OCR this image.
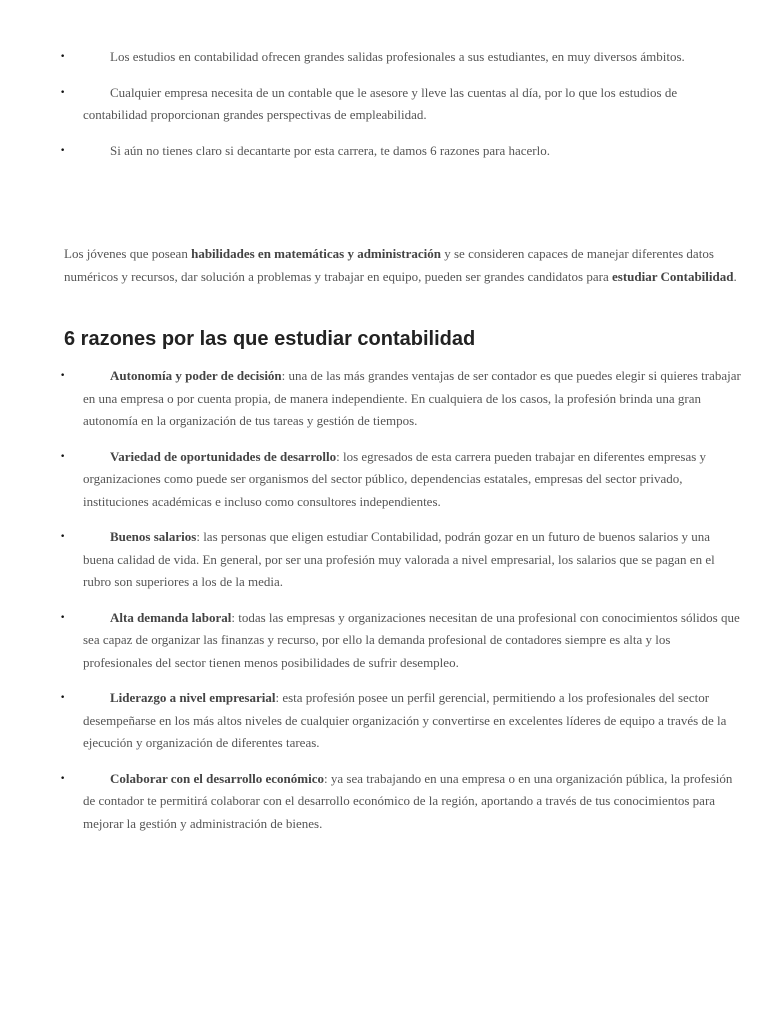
•	Los estudios en contabilidad ofrecen grandes salidas profesionales a sus estudiantes, en muy diversos ámbitos.
•	Cualquier empresa necesita de un contable que le asesore y lleve las cuentas al día, por lo que los estudios de contabilidad proporcionan grandes perspectivas de empleabilidad.
•	Si aún no tienes claro si decantarte por esta carrera, te damos 6 razones para hacerlo.

Los jóvenes que posean habilidades en matemáticas y administración y se consideren capaces de manejar diferentes datos numéricos y recursos, dar solución a problemas y trabajar en equipo, pueden ser grandes candidatos para estudiar Contabilidad.

6 razones por las que estudiar contabilidad
•	Autonomía y poder de decisión: una de las más grandes ventajas de ser contador es que puedes elegir si quieres trabajar en una empresa o por cuenta propia, de manera independiente. En cualquiera de los casos, la profesión brinda una gran autonomía en la organización de tus tareas y gestión de tiempos.
•	Variedad de oportunidades de desarrollo: los egresados de esta carrera pueden trabajar en diferentes empresas y organizaciones como puede ser organismos del sector público, dependencias estatales, empresas del sector privado, instituciones académicas e incluso como consultores independientes.
•	Buenos salarios: las personas que eligen estudiar Contabilidad, podrán gozar en un futuro de buenos salarios y una buena calidad de vida. En general, por ser una profesión muy valorada a nivel empresarial, los salarios que se pagan en el rubro son superiores a los de la media.
•	Alta demanda laboral: todas las empresas y organizaciones necesitan de una profesional con conocimientos sólidos que sea capaz de organizar las finanzas y recurso, por ello la demanda profesional de contadores siempre es alta y los profesionales del sector tienen menos posibilidades de sufrir desempleo.
•	Liderazgo a nivel empresarial: esta profesión posee un perfil gerencial, permitiendo a los profesionales del sector desempeñarse en los más altos niveles de cualquier organización y convertirse en excelentes líderes de equipo a través de la ejecución y organización de diferentes tareas.
•	Colaborar con el desarrollo económico: ya sea trabajando en una empresa o en una organización pública, la profesión de contador te permitirá colaborar con el desarrollo económico de la región, aportando a través de tus conocimientos para mejorar la gestión y administración de bienes.
